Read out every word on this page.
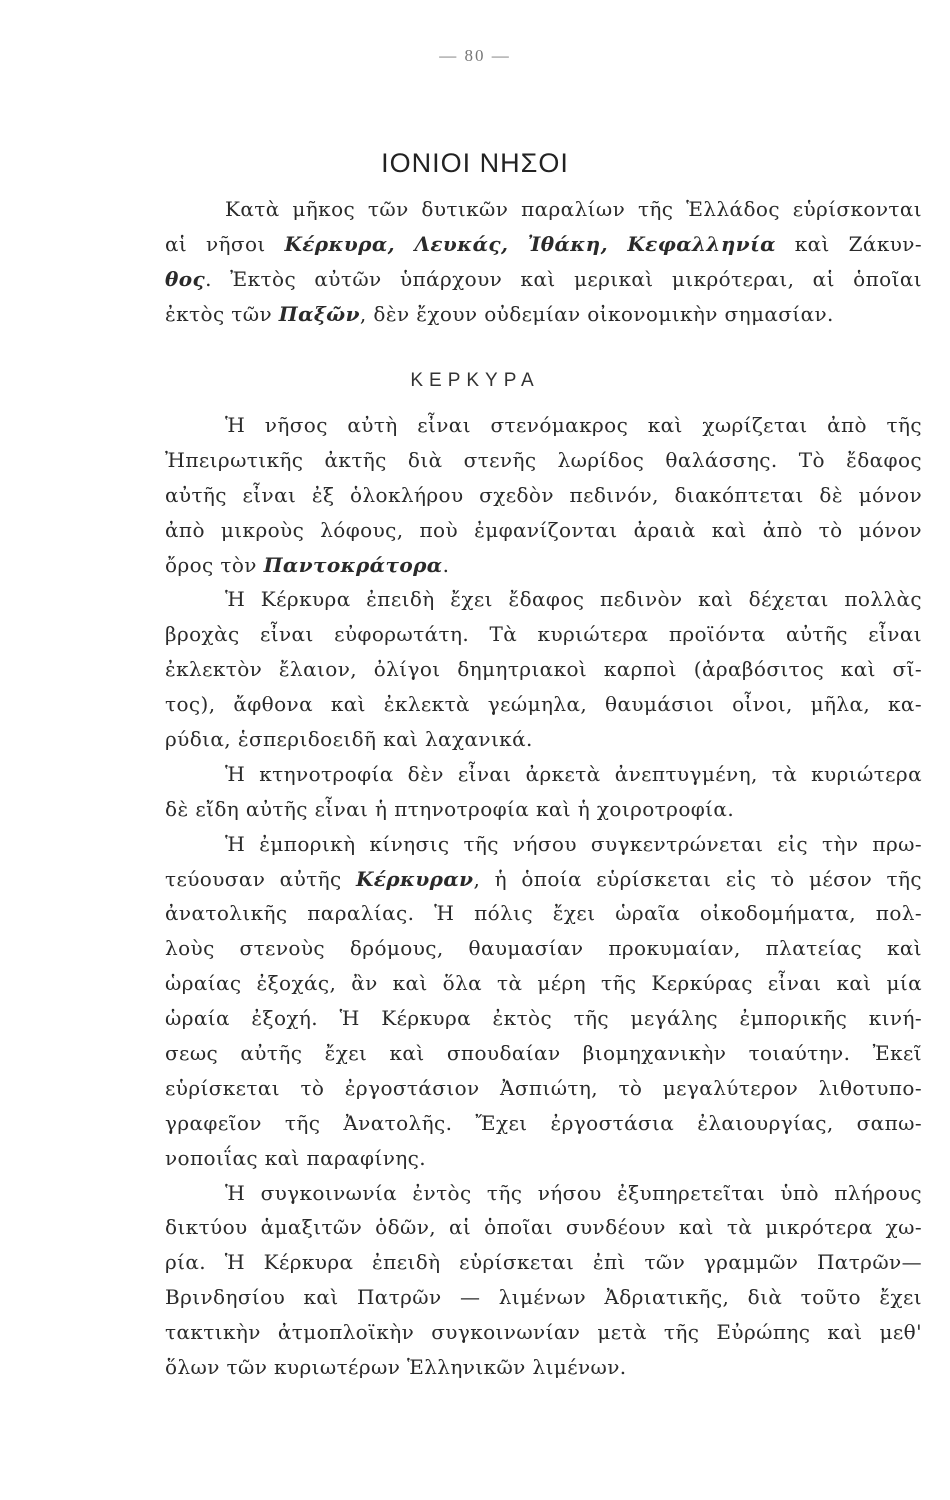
— 80 —
ΙΟΝΙΟΙ ΝΗΣΟΙ
Κατὰ μῆκος τῶν δυτικῶν παραλίων τῆς Ἑλλάδος εὑρίσκονται
αἱ νῆσοι Κέρκυρα, Λευκάς, Ἰθάκη, Κεφαλληνία καὶ Ζάκυν-
θος. Ἐκτὸς αὐτῶν ὑπάρχουν καὶ μερικαὶ μικρότεραι, αἱ ὁποῖαι
ἐκτὸς τῶν Παξῶν, δὲν ἔχουν οὐδεμίαν οἰκονομικὴν σημασίαν.
ΚΕΡΚΥΡΑ
Ἡ νῆσος αὐτὴ εἶναι στενόμακρος καὶ χωρίζεται ἀπὸ τῆς
Ἠπειρωτικῆς ἀκτῆς διὰ στενῆς λωρίδος θαλάσσης. Τὸ ἔδαφος
αὐτῆς εἶναι ἐξ ὁλοκλήρου σχεδὸν πεδινόν, διακόπτεται δὲ μόνον
ἀπὸ μικροὺς λόφους, ποὺ ἐμφανίζονται ἀραιὰ καὶ ἀπὸ τὸ μόνον
ὄρος τὸν Παντοκράτορα.
Ἡ Κέρκυρα ἐπειδὴ ἔχει ἔδαφος πεδινὸν καὶ δέχεται πολλὰς
βροχὰς εἶναι εὐφορωτάτη. Τὰ κυριώτερα προϊόντα αὐτῆς εἶναι
ἐκλεκτὸν ἔλαιον, ὀλίγοι δημητριακοὶ καρποὶ (ἀραβόσιτος καὶ σῖ-
τος), ἄφθονα καὶ ἐκλεκτὰ γεώμηλα, θαυμάσιοι οἶνοι, μῆλα, κα-
ρύδια, ἑσπεριδοειδῆ καὶ λαχανικά.
Ἡ κτηνοτροφία δὲν εἶναι ἀρκετὰ ἀνεπτυγμένη, τὰ κυριώτερα
δὲ εἴδη αὐτῆς εἶναι ἡ πτηνοτροφία καὶ ἡ χοιροτροφία.
Ἡ ἐμπορικὴ κίνησις τῆς νήσου συγκεντρώνεται εἰς τὴν πρω-
τεύουσαν αὐτῆς Κέρκυραν, ἡ ὁποία εὑρίσκεται εἰς τὸ μέσον τῆς
ἀνατολικῆς παραλίας. Ἡ πόλις ἔχει ὡραῖα οἰκοδομήματα, πολ-
λοὺς στενοὺς δρόμους, θαυμασίαν προκυμαίαν, πλατείας καὶ
ὡραίας ἐξοχάς, ἂν καὶ ὅλα τὰ μέρη τῆς Κερκύρας εἶναι καὶ μία
ὡραία ἐξοχή. Ἡ Κέρκυρα ἐκτὸς τῆς μεγάλης ἐμπορικῆς κινή-
σεως αὐτῆς ἔχει καὶ σπουδαίαν βιομηχανικὴν τοιαύτην. Ἐκεῖ
εὑρίσκεται τὸ ἐργοστάσιον Ἀσπιώτη, τὸ μεγαλύτερον λιθοτυπο-
γραφεῖον τῆς Ἀνατολῆς. Ἔχει ἐργοστάσια ἐλαιουργίας, σαπω-
νοποιΐας καὶ παραφίνης.
Ἡ συγκοινωνία ἐντὸς τῆς νήσου ἐξυπηρετεῖται ὑπὸ πλήρους
δικτύου ἁμαξιτῶν ὁδῶν, αἱ ὁποῖαι συνδέουν καὶ τὰ μικρότερα χω-
ρία. Ἡ Κέρκυρα ἐπειδὴ εὑρίσκεται ἐπὶ τῶν γραμμῶν Πατρῶν—
Βρινδησίου καὶ Πατρῶν — λιμένων Ἀδριατικῆς, διὰ τοῦτο ἔχει
τακτικὴν ἀτμοπλοϊκὴν συγκοινωνίαν μετὰ τῆς Εὐρώπης καὶ μεθ'
ὅλων τῶν κυριωτέρων Ἑλληνικῶν λιμένων.
